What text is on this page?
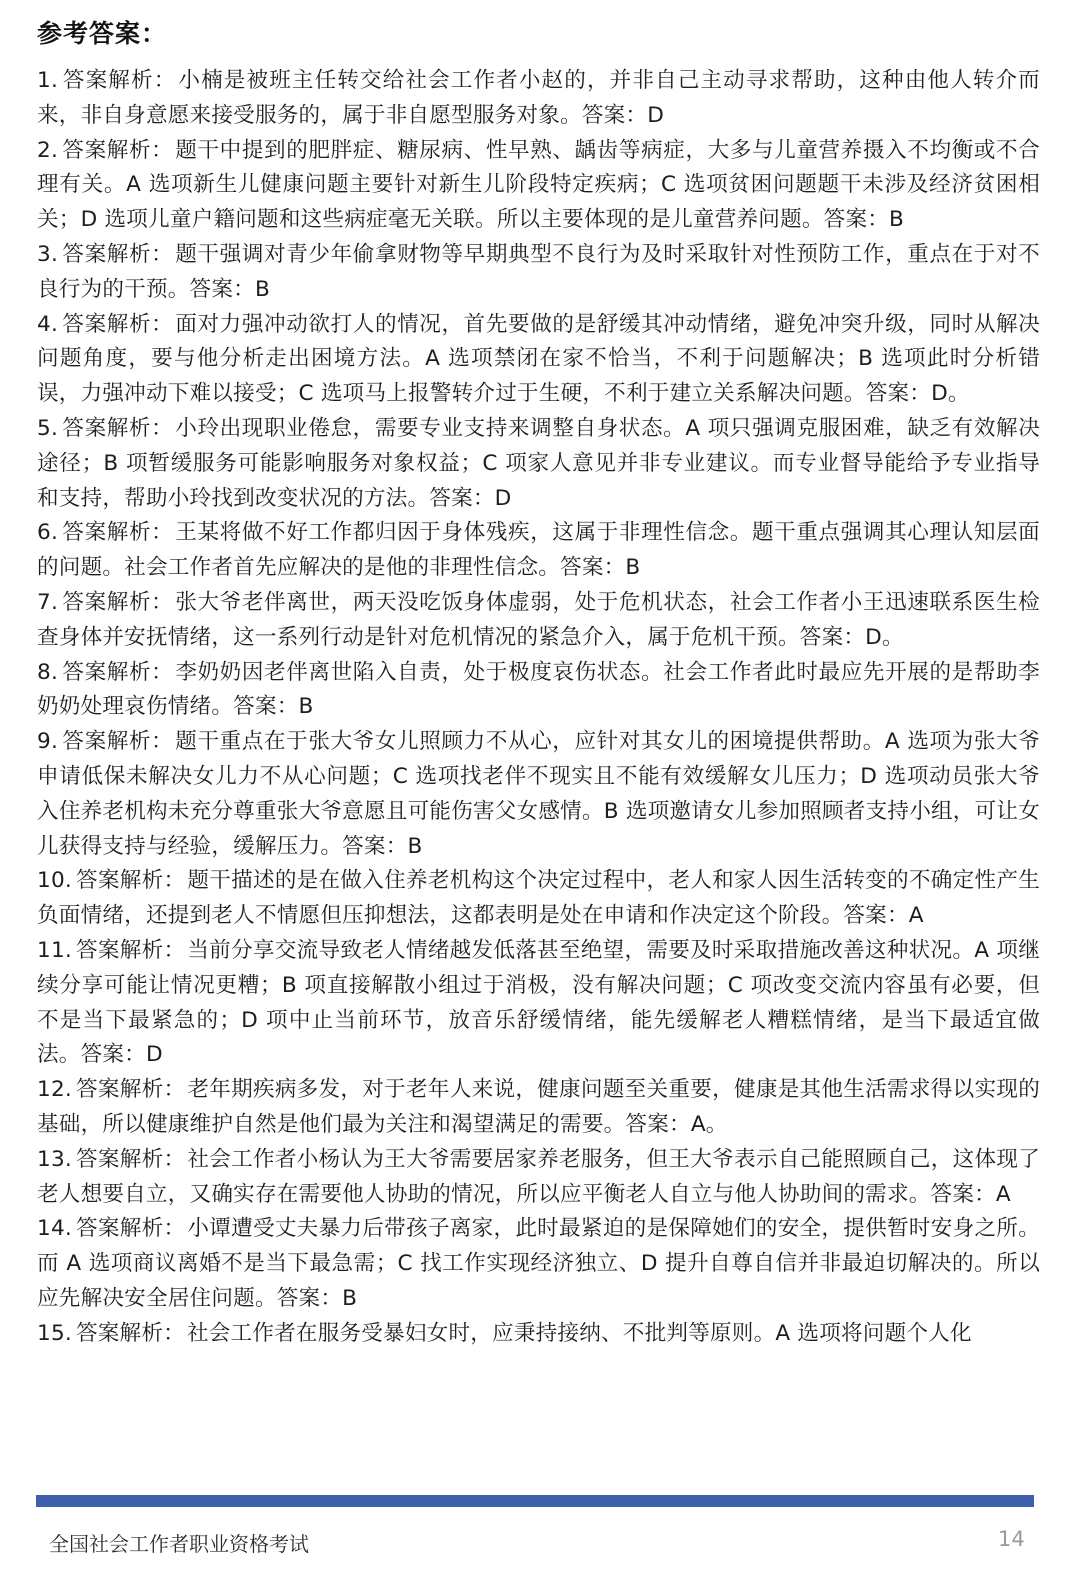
参考答案：
1. 答案解析：小楠是被班主任转交给社会工作者小赵的，并非自己主动寻求帮助，这种由他人转介而来，非自身意愿来接受服务的，属于非自愿型服务对象。答案：D
2. 答案解析：题干中提到的肥胖症、糖尿病、性早熟、龋齿等病症，大多与儿童营养摄入不均衡或不合理有关。A 选项新生儿健康问题主要针对新生儿阶段特定疾病；C 选项贫困问题题干未涉及经济贫困相关；D 选项儿童户籍问题和这些病症毫无关联。所以主要体现的是儿童营养问题。答案：B
3. 答案解析：题干强调对青少年偷拿财物等早期典型不良行为及时采取针对性预防工作，重点在于对不良行为的干预。答案：B
4. 答案解析：面对力强冲动欲打人的情况，首先要做的是舒缓其冲动情绪，避免冲突升级，同时从解决问题角度，要与他分析走出困境方法。A 选项禁闭在家不恰当，不利于问题解决；B 选项此时分析错误，力强冲动下难以接受；C 选项马上报警转介过于生硬，不利于建立关系解决问题。答案：D。
5. 答案解析：小玲出现职业倦怠，需要专业支持来调整自身状态。A 项只强调克服困难，缺乏有效解决途径；B 项暂缓服务可能影响服务对象权益；C 项家人意见并非专业建议。而专业督导能给予专业指导和支持，帮助小玲找到改变状况的方法。答案：D
6. 答案解析：王某将做不好工作都归因于身体残疾，这属于非理性信念。题干重点强调其心理认知层面的问题。社会工作者首先应解决的是他的非理性信念。答案：B
7. 答案解析：张大爷老伴离世，两天没吃饭身体虚弱，处于危机状态，社会工作者小王迅速联系医生检查身体并安抚情绪，这一系列行动是针对危机情况的紧急介入，属于危机干预。答案：D。
8. 答案解析：李奶奶因老伴离世陷入自责，处于极度哀伤状态。社会工作者此时最应先开展的是帮助李奶奶处理哀伤情绪。答案：B
9. 答案解析：题干重点在于张大爷女儿照顾力不从心，应针对其女儿的困境提供帮助。A 选项为张大爷申请低保未解决女儿力不从心问题；C 选项找老伴不现实且不能有效缓解女儿压力；D 选项动员张大爷入住养老机构未充分尊重张大爷意愿且可能伤害父女感情。B 选项邀请女儿参加照顾者支持小组，可让女儿获得支持与经验，缓解压力。答案：B
10. 答案解析：题干描述的是在做入住养老机构这个决定过程中，老人和家人因生活转变的不确定性产生负面情绪，还提到老人不情愿但压抑想法，这都表明是处在申请和作决定这个阶段。答案：A
11. 答案解析：当前分享交流导致老人情绪越发低落甚至绝望，需要及时采取措施改善这种状况。A 项继续分享可能让情况更糟；B 项直接解散小组过于消极，没有解决问题；C 项改变交流内容虽有必要，但不是当下最紧急的；D 项中止当前环节，放音乐舒缓情绪，能先缓解老人糟糕情绪，是当下最适宜做法。答案：D
12. 答案解析：老年期疾病多发，对于老年人来说，健康问题至关重要，健康是其他生活需求得以实现的基础，所以健康维护自然是他们最为关注和渴望满足的需要。答案：A。
13. 答案解析：社会工作者小杨认为王大爷需要居家养老服务，但王大爷表示自己能照顾自己，这体现了老人想要自立，又确实存在需要他人协助的情况，所以应平衡老人自立与他人协助间的需求。答案：A
14. 答案解析：小谭遭受丈夫暴力后带孩子离家，此时最紧迫的是保障她们的安全，提供暂时安身之所。而 A 选项商议离婚不是当下最急需；C 找工作实现经济独立、D 提升自尊自信并非最迫切解决的。所以应先解决安全居住问题。答案：B
15. 答案解析：社会工作者在服务受暴妇女时，应秉持接纳、不批判等原则。A 选项将问题个人化
全国社会工作者职业资格考试	14
